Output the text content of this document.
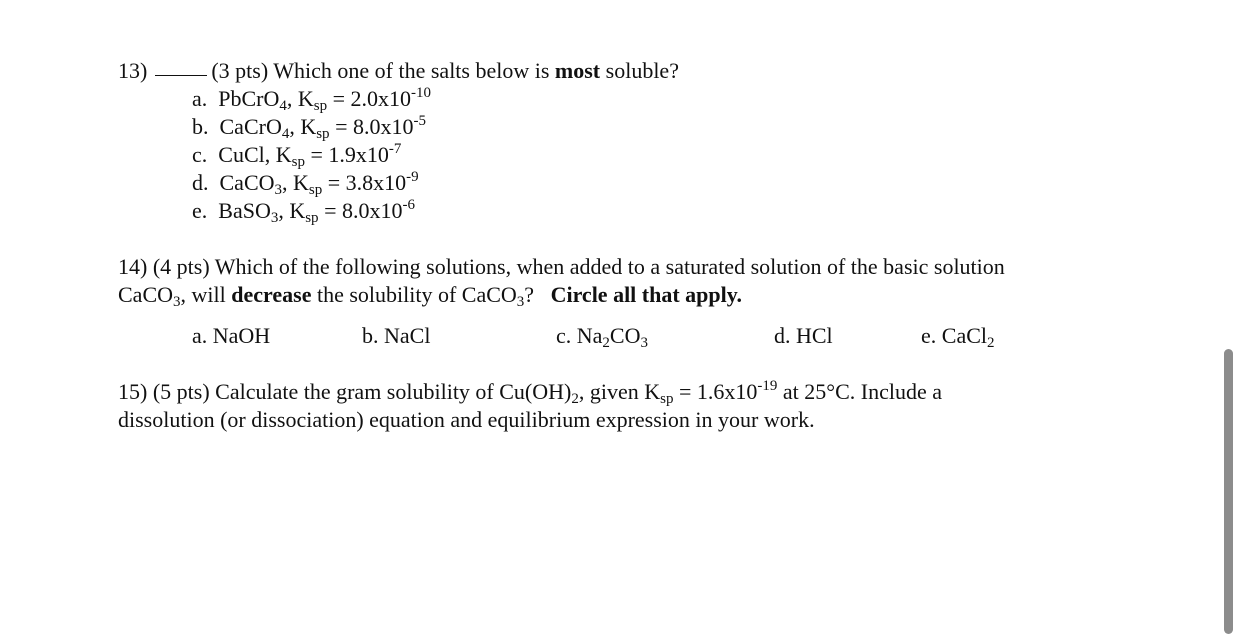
13)	(3 pts) Which one of the salts below is most soluble?
a. PbCrO$_4$, $K_{sp} = 2.0x10^{-10}$
b. CaCrO$_4$, $K_{sp} = 8.0x10^{-5}$
c. CuCl, $K_{sp} = 1.9x10^{-7}$
d. CaCO$_3$, $K_{sp} = 3.8x10^{-9}$
e. BaSO$_3$, $K_{sp} = 8.0x10^{-6}$
14) (4 pts) Which of the following solutions, when added to a saturated solution of the basic solution
CaCO$_3$, will decrease the solubility of CaCO$_3$? Circle all that apply.
a. NaOH	b. NaCl	c. $Na_2CO_3$	d. HCl	e. CaCl$_2$
15) (5 pts) Calculate the gram solubility of $Cu(OH)_2$, given $K_{sp} = 1.6x10^{-19}$ at 25°C. Include a
dissolution (or dissociation) equation and equilibrium expression in your work.
